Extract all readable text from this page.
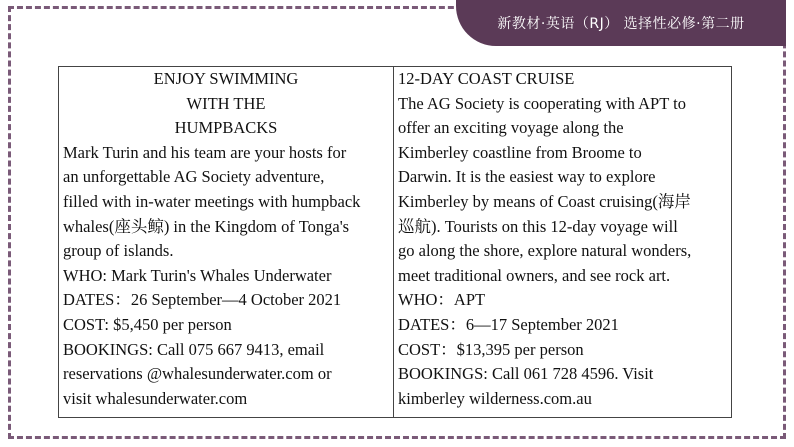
新教材·英语（RJ） 选择性必修·第二册
ENJOY SWIMMING
WITH THE
HUMPBACKS
Mark Turin and his team are your hosts for
an unforgettable AG Society adventure,
filled with in-water meetings with humpback
whales(座头鲸) in the Kingdom of Tonga's
group of islands.
WHO: Mark Turin's Whales Underwater
DATES：26 September—4 October 2021
COST: $5,450 per person
BOOKINGS: Call 075 667 9413, email
reservations @whalesunderwater.com or
visit whalesunderwater.com
12-DAY COAST CRUISE
The AG Society is cooperating with APT to
offer an exciting voyage along the
Kimberley coastline from Broome to
Darwin. It is the easiest way to explore
Kimberley by means of Coast cruising(海岸
巡航). Tourists on this 12-day voyage will
go along the shore, explore natural wonders,
meet traditional owners, and see rock art.
WHO：APT
DATES：6—17 September 2021
COST：$13,395 per person
BOOKINGS: Call 061 728 4596. Visit
kimberley wilderness.com.au
